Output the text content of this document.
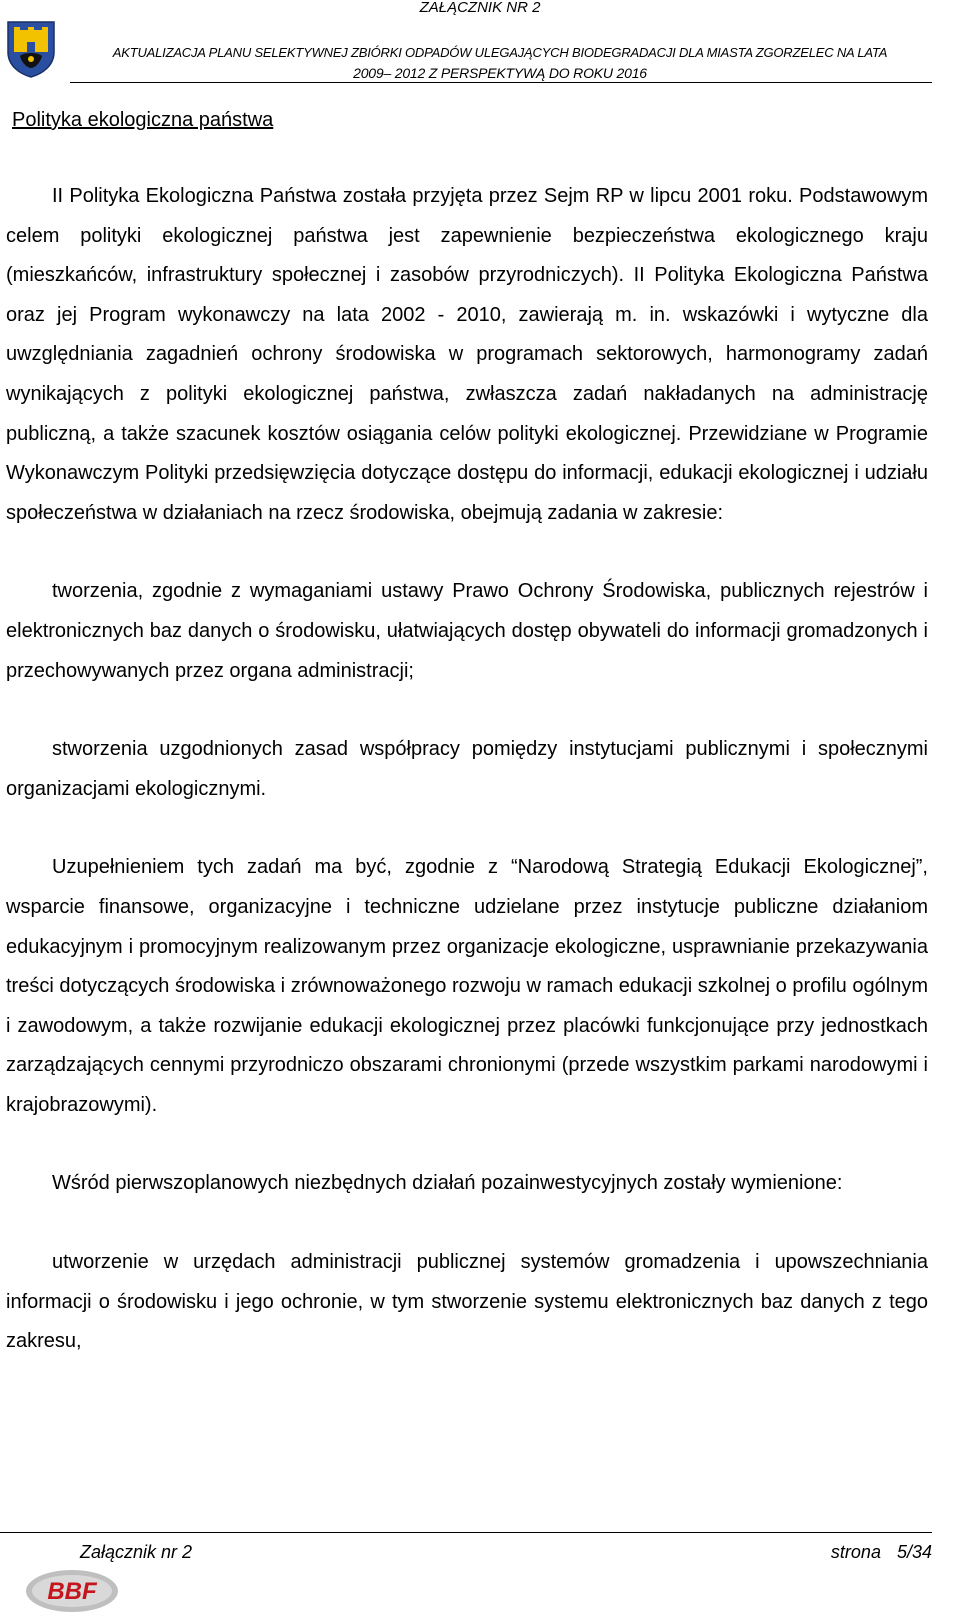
ZAŁĄCZNIK NR 2
AKTUALIZACJA PLANU SELEKTYWNEJ ZBIÓRKI ODPADÓW ULEGAJĄCYCH BIODEGRADACJI DLA MIASTA ZGORZELEC NA LATA
2009– 2012 Z PERSPEKTYWĄ DO ROKU 2016
Polityka ekologiczna państwa

II Polityka Ekologiczna Państwa została przyjęta przez Sejm RP w lipcu 2001 roku. Podstawowym celem polityki ekologicznej państwa jest zapewnienie bezpieczeństwa ekologicznego kraju (mieszkańców, infrastruktury społecznej i zasobów przyrodniczych). II Polityka Ekologiczna Państwa oraz jej Program wykonawczy na lata 2002 - 2010, zawierają m. in. wskazówki i wytyczne dla uwzględniania zagadnień ochrony środowiska w programach sektorowych, harmonogramy zadań wynikających z polityki ekologicznej państwa, zwłaszcza zadań nakładanych na administrację publiczną, a także szacunek kosztów osiągania celów polityki ekologicznej. Przewidziane w Programie Wykonawczym Polityki przedsięwzięcia dotyczące dostępu do informacji, edukacji ekologicznej i udziału społeczeństwa w działaniach na rzecz środowiska, obejmują zadania w zakresie:

tworzenia, zgodnie z wymaganiami ustawy Prawo Ochrony Środowiska, publicznych rejestrów i elektronicznych baz danych o środowisku, ułatwiających dostęp obywateli do informacji gromadzonych i przechowywanych przez organa administracji;

stworzenia uzgodnionych zasad współpracy pomiędzy instytucjami publicznymi i społecznymi organizacjami ekologicznymi.

Uzupełnieniem tych zadań ma być, zgodnie z “Narodową Strategią Edukacji Ekologicznej”, wsparcie finansowe, organizacyjne i techniczne udzielane przez instytucje publiczne działaniom edukacyjnym i promocyjnym realizowanym przez organizacje ekologiczne, usprawnianie przekazywania treści dotyczących środowiska i zrównoważonego rozwoju w ramach edukacji szkolnej o profilu ogólnym i zawodowym, a także rozwijanie edukacji ekologicznej przez placówki funkcjonujące przy jednostkach zarządzających cennymi przyrodniczo obszarami chronionymi (przede wszystkim parkami narodowymi i krajobrazowymi).

Wśród pierwszoplanowych niezbędnych działań pozainwestycyjnych zostały wymienione:

utworzenie w urzędach administracji publicznej systemów gromadzenia i upowszechniania informacji o środowisku i jego ochronie, w tym stworzenie systemu elektronicznych baz danych z tego zakresu,

Załącznik nr 2	strona 5/34
BBF
